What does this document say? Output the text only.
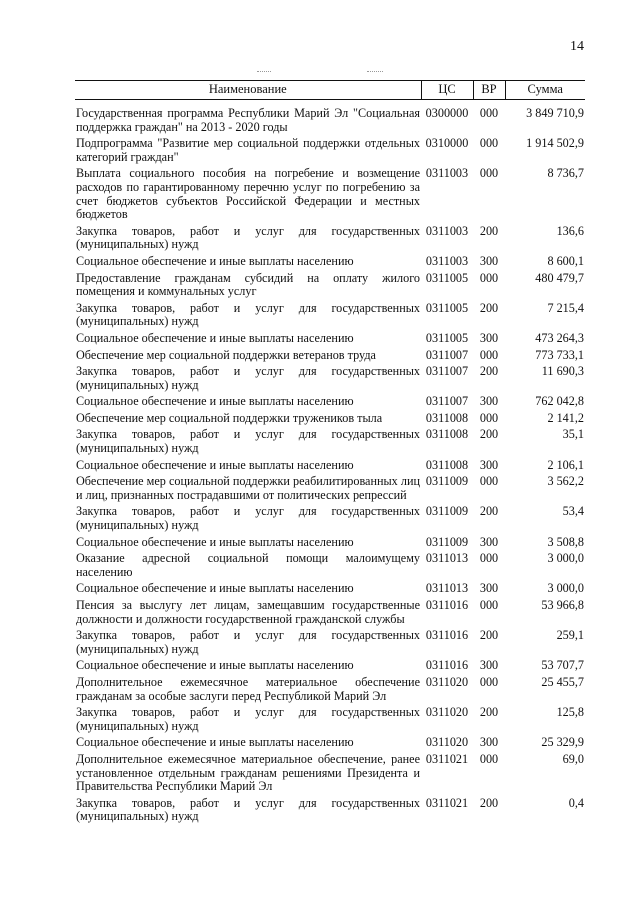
14
Наименование	ЦС	ВР	Сумма
Государственная программа Республики Марий Эл "Социальная поддержка граждан" на 2013 - 2020 годы	0300000	000	3 849 710,9
Подпрограмма "Развитие мер социальной поддержки отдельных категорий граждан"	0310000	000	1 914 502,9
Выплата социального пособия на погребение и возмещение расходов по гарантированному перечню услуг по погребению за счет бюджетов субъектов Российской Федерации и местных бюджетов	0311003	000	8 736,7
Закупка товаров, работ и услуг для государственных (муниципальных) нужд	0311003	200	136,6
Социальное обеспечение и иные выплаты населению	0311003	300	8 600,1
Предоставление гражданам субсидий на оплату жилого помещения и коммунальных услуг	0311005	000	480 479,7
Закупка товаров, работ и услуг для государственных (муниципальных) нужд	0311005	200	7 215,4
Социальное обеспечение и иные выплаты населению	0311005	300	473 264,3
Обеспечение мер социальной поддержки ветеранов труда	0311007	000	773 733,1
Закупка товаров, работ и услуг для государственных (муниципальных) нужд	0311007	200	11 690,3
Социальное обеспечение и иные выплаты населению	0311007	300	762 042,8
Обеспечение мер социальной поддержки тружеников тыла	0311008	000	2 141,2
Закупка товаров, работ и услуг для государственных (муниципальных) нужд	0311008	200	35,1
Социальное обеспечение и иные выплаты населению	0311008	300	2 106,1
Обеспечение мер социальной поддержки реабилитированных лиц и лиц, признанных пострадавшими от политических репрессий	0311009	000	3 562,2
Закупка товаров, работ и услуг для государственных (муниципальных) нужд	0311009	200	53,4
Социальное обеспечение и иные выплаты населению	0311009	300	3 508,8
Оказание адресной социальной помощи малоимущему населению	0311013	000	3 000,0
Социальное обеспечение и иные выплаты населению	0311013	300	3 000,0
Пенсия за выслугу лет лицам, замещавшим государственные должности и должности государственной гражданской службы	0311016	000	53 966,8
Закупка товаров, работ и услуг для государственных (муниципальных) нужд	0311016	200	259,1
Социальное обеспечение и иные выплаты населению	0311016	300	53 707,7
Дополнительное ежемесячное материальное обеспечение гражданам за особые заслуги перед Республикой Марий Эл	0311020	000	25 455,7
Закупка товаров, работ и услуг для государственных (муниципальных) нужд	0311020	200	125,8
Социальное обеспечение и иные выплаты населению	0311020	300	25 329,9
Дополнительное ежемесячное материальное обеспечение, ранее установленное отдельным гражданам решениями Президента и Правительства Республики Марий Эл	0311021	000	69,0
Закупка товаров, работ и услуг для государственных (муниципальных) нужд	0311021	200	0,4
